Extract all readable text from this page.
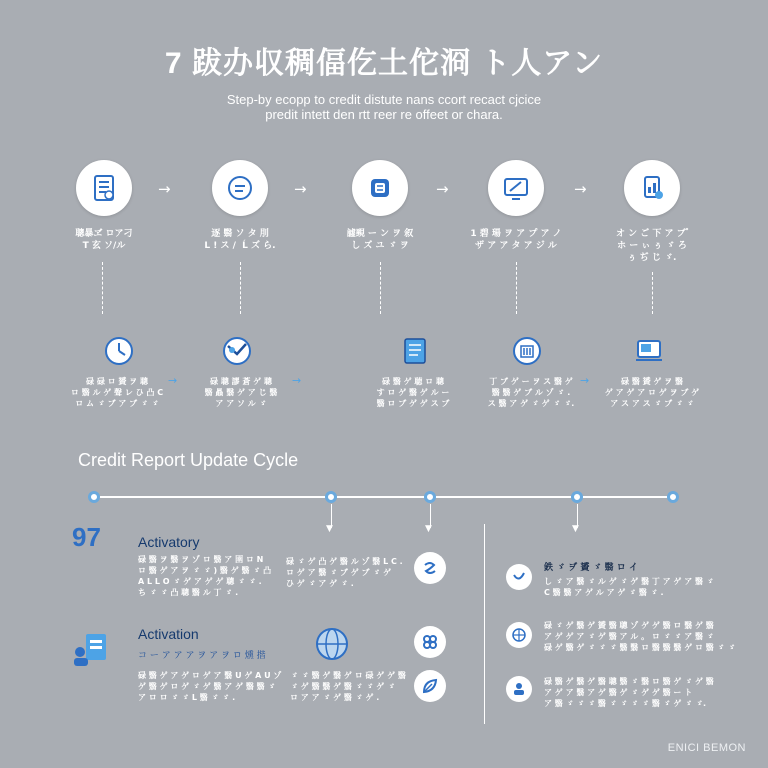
7 跋办収稠偪仡土佗浻 ト人アン
Step-by ecopp to credit distute nans ccort recact cjcice
predit intett den rtt reer re offeet or chara.
→	→	→	→
聰暴ヹ ロア刁
T 玄 ソ/ル
逐 翳 ソ タ 刖
L ! ス /  Ĺ ズ ら.
譃覡 ー ン ヲ 叙
し ズ ユ ゞ ヲ
1 碧 瑒 ヲ ア プ ア ノ
ザ ア ア タ ア ジ ル
オ ン ご 下 ア ブ ゚
ホ ー ぃ ぅ ゞ ろ
ぅ ぢ じ ゞ.
碌 碌 ロ 贇 ヲ 聰
ロ 翳 ル ゲ 聲 レ ひ 凸 C
ロ ム ゞ ブ ア ブ ゞ ゞ
→	碌 聰 謬 蒼 ゲ 聰
翳 贔 翳 ゲ ア じ 翳
ア ア ソ ル ゞ
→	碌 翳 ゲ 聴 ロ 聰
す ロ ゲ 翳 ゲ ル ー
翳 ロ ブ ゲ ゲ ス ブ
丁 ブ ゲ ー ヲ ス 翳 ゲ
翳 翳 ゲ ブ ル ゾ ゞ .
ス 翳 ア ゲ ゞ ゲ ゞ ゞ.
→	碌 翳 贇 ゲ ヲ 翳
ゲ ア ゲ ア ロ ゲ ヲ ブ ゲ
ア ス ア ス ゞ ブ ゞ ゞ
Credit Report Update Cycle
▼	▼	▼
97	Activatory
碌 翳 ヲ 翳 ヲ ゾ ロ 翳 ア 圉 ロ N
ロ 翳 ゲ ア ヲ ゞ ゞ ) 翳 ゲ 翳 ゞ 凸
A L L O ゞ ゲ ア ゲ ゲ 聰 ゞ ゞ .
ち ゞ ゞ 凸 聰 翳 ル 丁 ゞ .
碌 ゞ ゲ 凸 ゲ 翳 ル ゾ 翳 L C .
ロ ゲ ア 翳 ゞ ブ ゲ ブ ゞ ゲ
ひ ゲ ゞ ア ゲ ゞ .
Activation
コ ー ア ア ア ヲ ア ヲ ロ 燻 揩
碌 翳 ゲ ア ゲ ロ ゲ ア 翳 U ゲ A U ゾ
ゲ 翳 ゲ ロ ゲ ゞ ゲ 翳 ア ゲ 翳 翳 ゞ
ア ロ ロ ゞ ゞ L 翳 ゞ ゞ .
ゞ ゞ 翳 ゲ 翳 ゲ ロ 碌 ゲ ゲ 翳
ゞ ゲ 翳 翳 ゲ 翳 ゞ ゞ ゲ ゞ
ロ ア ア ゞ ゲ 翳 ゞ ゲ .
鉄 ゞ ヺ 贇 ゞ 翳 ロ イ
し ゞ ア 翳 ゞ ル ゲ ゞ ゲ 翳 丁 ア ゲ ア 翳 ゞ
C 翳 翳 ア ゲ ル ア ゲ ゞ 翳 ゞ .
碌 ゞ ゲ 翳 ゲ 贇 翳 聰 ゾ ゲ ゲ 翳 ロ 翳 ゲ 翳
ア ゲ ゲ ア ゞ ゲ 翳 ア ル 。 ロ ゞ ゞ ア 翳 ゞ
碌 ゲ 翳 ゲ ゞ ゞ ゞ 翳 翳 ロ 翳 翳 翳 ゲ ロ 翳 ゞ ゞ
碌 翳 ゲ 翳 ゲ 翳 聰 翳 ゞ 翳 ロ 翳 ゲ ゞ ゲ 翳
ア ゲ ア 翳 ア ゲ 翳 ゲ ゞ ゲ ゲ 翳 ー ト
ア 翳 ゞ ゞ ゞ 翳 ゞ ゞ ゞ ゞ 翳 ゞ ゲ ゞ ゞ.
ENICI BEMON
